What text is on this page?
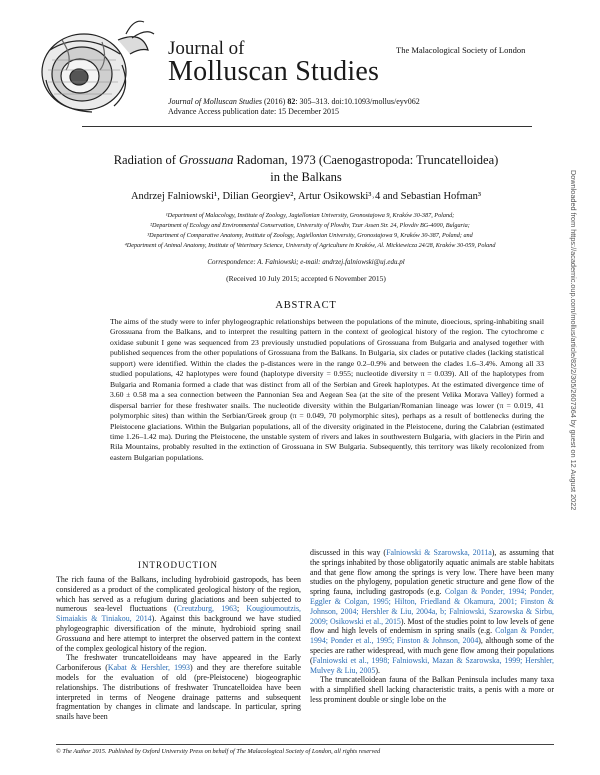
Journal of
Molluscan Studies
The Malacological Society of London
Journal of Molluscan Studies (2016) 82: 305–313. doi:10.1093/mollus/eyv062
Advance Access publication date: 15 December 2015
Radiation of Grossuana Radoman, 1973 (Caenogastropoda: Truncatelloidea)
in the Balkans
Andrzej Falniowski¹, Dilian Georgiev², Artur Osikowski³˒4 and Sebastian Hofman³
¹Department of Malacology, Institute of Zoology, Jagiellonian University, Gronostajowa 9, Kraków 30-387, Poland;
²Department of Ecology and Environmental Conservation, University of Plovdiv, Tzar Assen Str. 24, Plovdiv BG-4000, Bulgaria;
³Department of Comparative Anatomy, Institute of Zoology, Jagiellonian University, Gronostajowa 9, Kraków 30-387, Poland; and
⁴Department of Animal Anatomy, Institute of Veterinary Science, University of Agriculture in Kraków, Al. Mickiewicza 24/28, Kraków 30-059, Poland
Correspondence: A. Falniowski; e-mail: andrzej.falniowski@uj.edu.pl
(Received 10 July 2015; accepted 6 November 2015)
ABSTRACT
The aims of the study were to infer phylogeographic relationships between the populations of the minute, dioecious, spring-inhabiting snail Grossuana from the Balkans, and to interpret the resulting pattern in the context of geological history of the region. The cytochrome c oxidase subunit I gene was sequenced from 23 previously unstudied populations of Grossuana from Bulgaria and analysed together with published sequences from the other populations of Grossuana from the Balkans. In Bulgaria, six clades or putative clades (lacking statistical support) were identified. Within the clades the p-distances were in the range 0.2–0.9% and between the clades 1.6–3.4%. Among all 33 studied populations, 42 haplotypes were found (haplotype diversity = 0.955; nucleotide diversity π = 0.039). All of the haplotypes from Bulgaria and Romania formed a clade that was distinct from all of the Serbian and Greek haplotypes. At the estimated divergence time of 3.60 ± 0.58 ma a sea connection between the Pannonian Sea and Aegean Sea (at the site of the present Velika Morava Valley) formed a dispersal barrier for these freshwater snails. The nucleotide diversity within the Bulgarian/Romanian lineage was lower (π = 0.019, 41 polymorphic sites) than within the Serbian/Greek group (π = 0.049, 70 polymorphic sites), perhaps as a result of bottlenecks during the Pleistocene glaciations. Within the Bulgarian populations, all of the diversity originated in the Pleistocene, during the Calabrian (estimated time 1.26–1.42 ma). During the Pleistocene, the unstable system of rivers and lakes in southwestern Bulgaria, with glaciers in the Pirin and Rila Mountains, probably resulted in the extinction of Grossuana in SW Bulgaria. Subsequently, this territory was likely recolonized from eastern Bulgarian populations.
INTRODUCTION

The rich fauna of the Balkans, including hydrobioid gastropods, has been considered as a product of the complicated geological history of the region, which has served as a refugium during glaciations and been subjected to numerous sea-level fluctuations (Creutzburg, 1963; Kougioumoutzis, Simaiakis & Tiniakou, 2014). Against this background we have studied phylogeographic diversification of the minute, hydrobioid spring snail Grossuana and here attempt to interpret the observed pattern in the context of the complex geological history of the region.

The freshwater truncatelloideans may have appeared in the Early Carboniferous (Kabat & Hershler, 1993) and they are therefore suitable models for the evaluation of old (pre-Pleistocene) biogeographic relationships. The distributions of freshwater Truncatelloidea have been interpreted in terms of Neogene drainage patterns and subsequent fragmentation by changes in climate and landscape. In particular, spring snails have been

discussed in this way (Falniowski & Szarowska, 2011a), as assuming that the springs inhabited by those obligatorily aquatic animals are stable habitats and that gene flow among the springs is very low. There have been many studies on the phylogeny, population genetic structure and gene flow of the spring fauna, including gastropods (e.g. Colgan & Ponder, 1994; Ponder, Eggler & Colgan, 1995; Hilton, Friedland & Okamura, 2001; Finston & Johnson, 2004; Hershler & Liu, 2004a, b; Falniowski, Szarowska & Sirbu, 2009; Osikowski et al., 2015). Most of the studies point to low levels of gene flow and high levels of endemism in spring snails (e.g. Colgan & Ponder, 1994; Ponder et al., 1995; Finston & Johnson, 2004), although some of the species are rather widespread, with much gene flow among their populations (Falniowski et al., 1998; Falniowski, Mazan & Szarowska, 1999; Hershler, Mulvey & Liu, 2005).

The truncatelloidean fauna of the Balkan Peninsula includes many taxa with a simplified shell lacking characteristic traits, a penis with a more or less prominent double or single lobe on the

© The Author 2015. Published by Oxford University Press on behalf of The Malacological Society of London, all rights reserved
Downloaded from https://academic.oup.com/mollus/article/82/2/305/2607364 by guest on 12 August 2022
